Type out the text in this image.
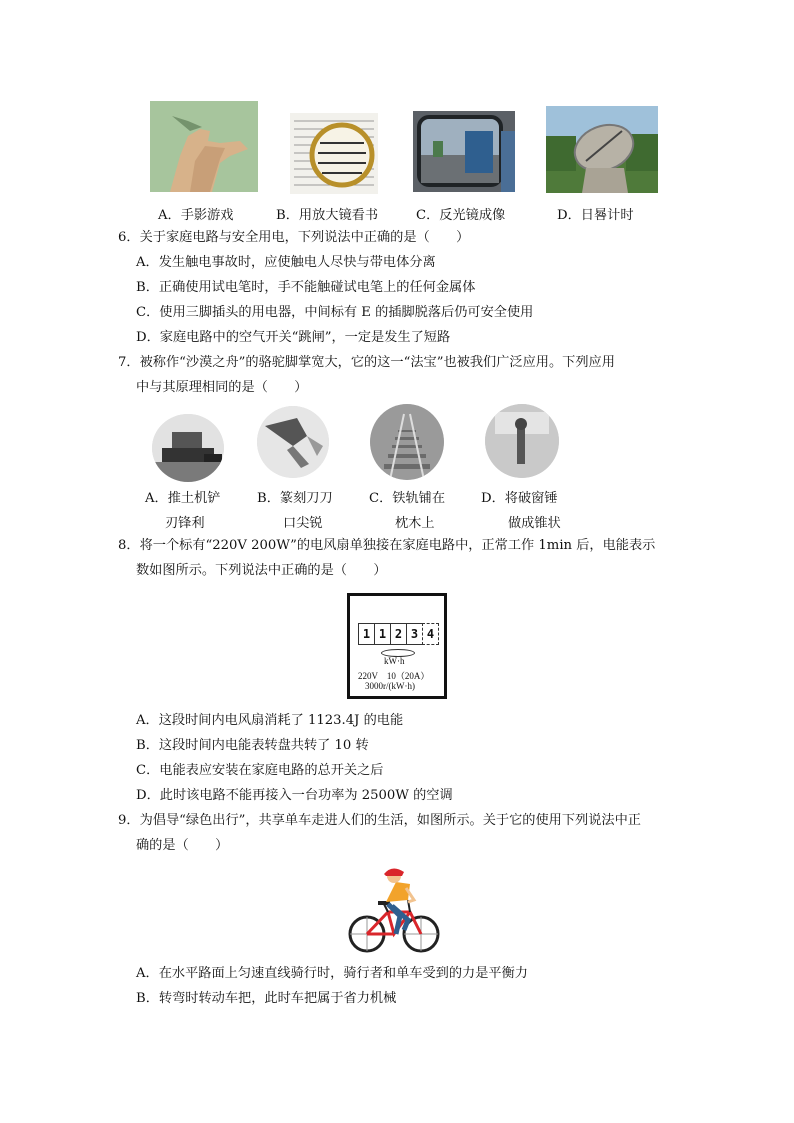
A．手影游戏	B．用放大镜看书	C．反光镜成像	D．日晷计时
6．关于家庭电路与安全用电，下列说法中正确的是（　　）
A．发生触电事故时，应使触电人尽快与带电体分离
B．正确使用试电笔时，手不能触碰试电笔上的任何金属体
C．使用三脚插头的用电器，中间标有 E 的插脚脱落后仍可安全使用
D．家庭电路中的空气开关“跳闸”，一定是发生了短路
7．被称作“沙漠之舟”的骆驼脚掌宽大，它的这一“法宝”也被我们广泛应用。下列应用
中与其原理相同的是（　　）
A．推土机铲
刃锋利
B．篆刻刀刀
口尖锐
C．铁轨铺在
枕木上
D．将破窗锤
做成锥状
8．将一个标有“220V 200W”的电风扇单独接在家庭电路中，正常工作 1min 后，电能表示
数如图所示。下列说法中正确的是（　　）
1 1 2 3 4
kW·h
220V　10（20A）
3000r/(kW·h)
A．这段时间内电风扇消耗了 1123.4J 的电能
B．这段时间内电能表转盘共转了 10 转
C．电能表应安装在家庭电路的总开关之后
D．此时该电路不能再接入一台功率为 2500W 的空调
9．为倡导“绿色出行”，共享单车走进人们的生活，如图所示。关于它的使用下列说法中正
确的是（　　）
A．在水平路面上匀速直线骑行时，骑行者和单车受到的力是平衡力
B．转弯时转动车把，此时车把属于省力机械
